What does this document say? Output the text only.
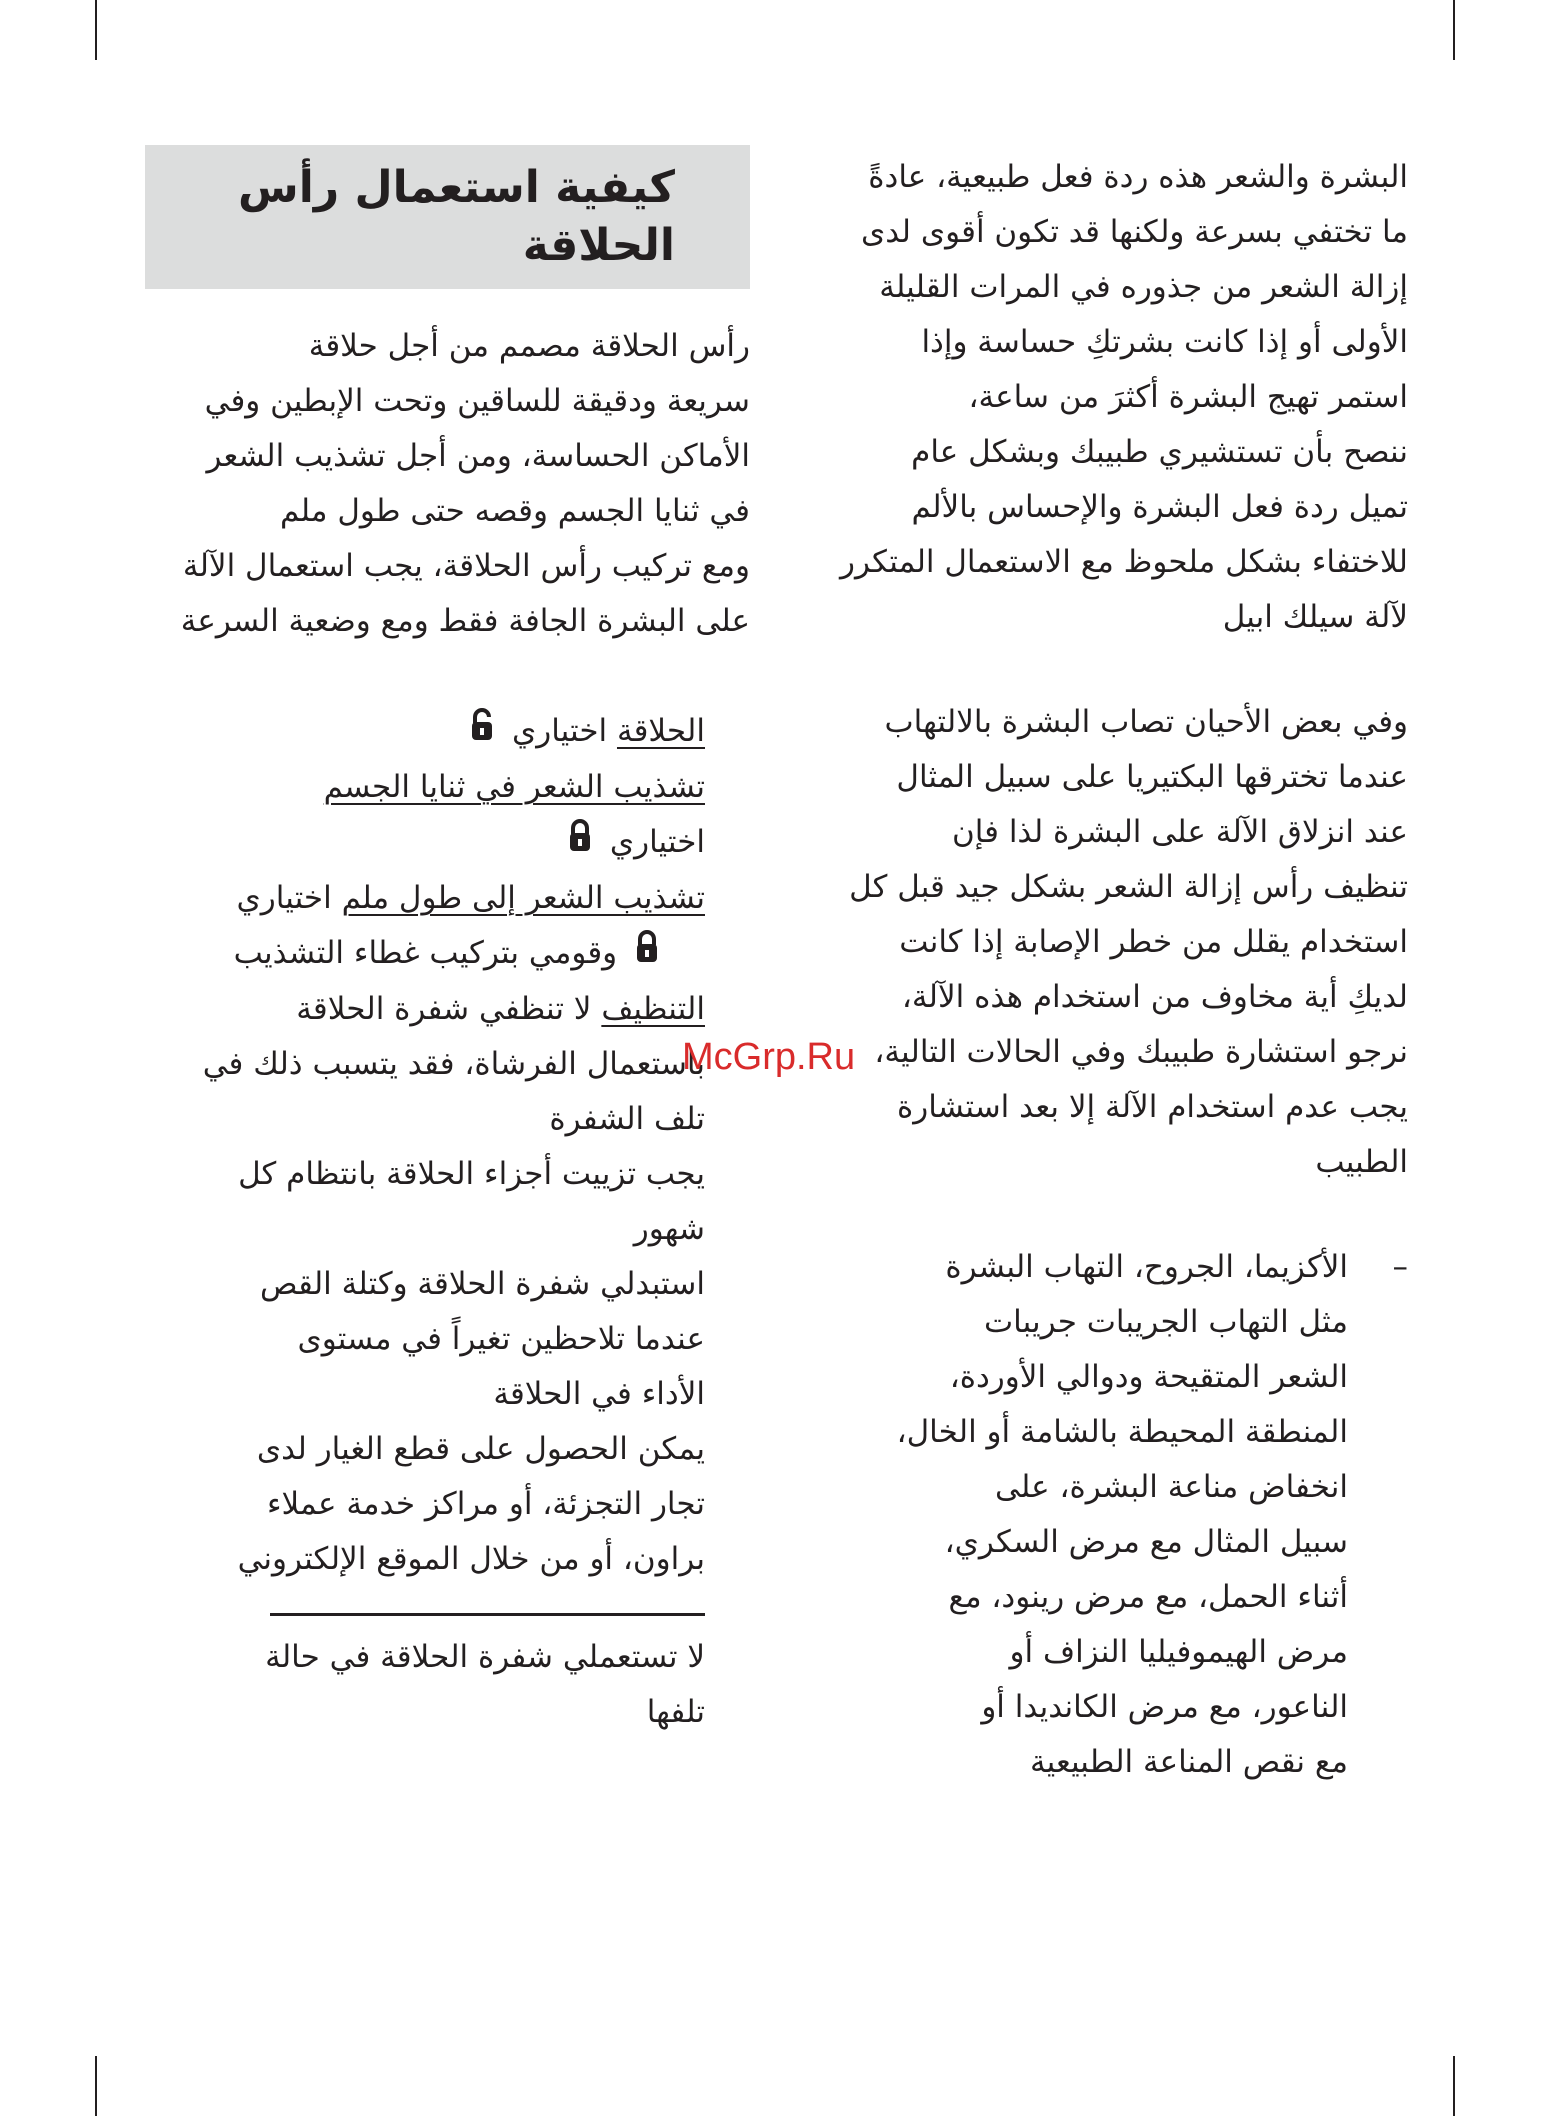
البشرة والشعر هذه ردة فعل طبيعية، عادةً
ما تختفي بسرعة ولكنها قد تكون أقوى لدى
إزالة الشعر من جذوره في المرات القليلة
الأولى أو إذا كانت بشرتكِ حساسة وإذا
استمر تهيج البشرة أكثرَ من ساعة،
ننصح بأن تستشيري طبيبك وبشكل عام
تميل ردة فعل البشرة والإحساس بالألم
للاختفاء بشكل ملحوظ مع الاستعمال المتكرر
لآلة سيلك ابيل

وفي بعض الأحيان تصاب البشرة بالالتهاب
عندما تخترقها البكتيريا على سبيل المثال
عند انزلاق الآلة على البشرة لذا فإن
تنظيف رأس إزالة الشعر بشكل جيد قبل كل
استخدام يقلل من خطر الإصابة إذا كانت
لديكِ أية مخاوف من استخدام هذه الآلة،
نرجو استشارة طبيبك وفي الحالات التالية،
يجب عدم استخدام الآلة إلا بعد استشارة
الطبيب

–

الأكزيما، الجروح، التهاب البشرة
مثل التهاب الجريبات جريبات
الشعر المتقيحة ودوالي الأوردة،
المنطقة المحيطة بالشامة أو الخال،
انخفاض مناعة البشرة، على
سبيل المثال مع مرض السكري،
أثناء الحمل، مع مرض رينود، مع
مرض الهيموفيليا النزاف أو
الناعور، مع مرض الكانديدا أو
مع نقص المناعة الطبيعية

كيفية استعمال رأس
الحلاقة

رأس الحلاقة مصمم من أجل حلاقة
سريعة ودقيقة للساقين وتحت الإبطين وفي
الأماكن الحساسة، ومن أجل تشذيب الشعر
في ثنايا الجسم وقصه حتى طول ملم
ومع تركيب رأس الحلاقة، يجب استعمال الآلة
على البشرة الجافة فقط ومع وضعية السرعة

الحلاقة اختياري
تشذيب الشعر في ثنايا الجسم
اختياري
تشذيب الشعر إلى طول ملم اختياري
وقومي بتركيب غطاء التشذيب
التنظيف لا تنظفي شفرة الحلاقة

باستعمال الفرشاة، فقد يتسبب ذلك في
تلف الشفرة

يجب تزييت أجزاء الحلاقة بانتظام كل
شهور

استبدلي شفرة الحلاقة وكتلة القص
عندما تلاحظين تغيراً في مستوى
الأداء في الحلاقة

يمكن الحصول على قطع الغيار لدى
تجار التجزئة، أو مراكز خدمة عملاء
براون، أو من خلال الموقع الإلكتروني

لا تستعملي شفرة الحلاقة في حالة
تلفها

McGrp.Ru
